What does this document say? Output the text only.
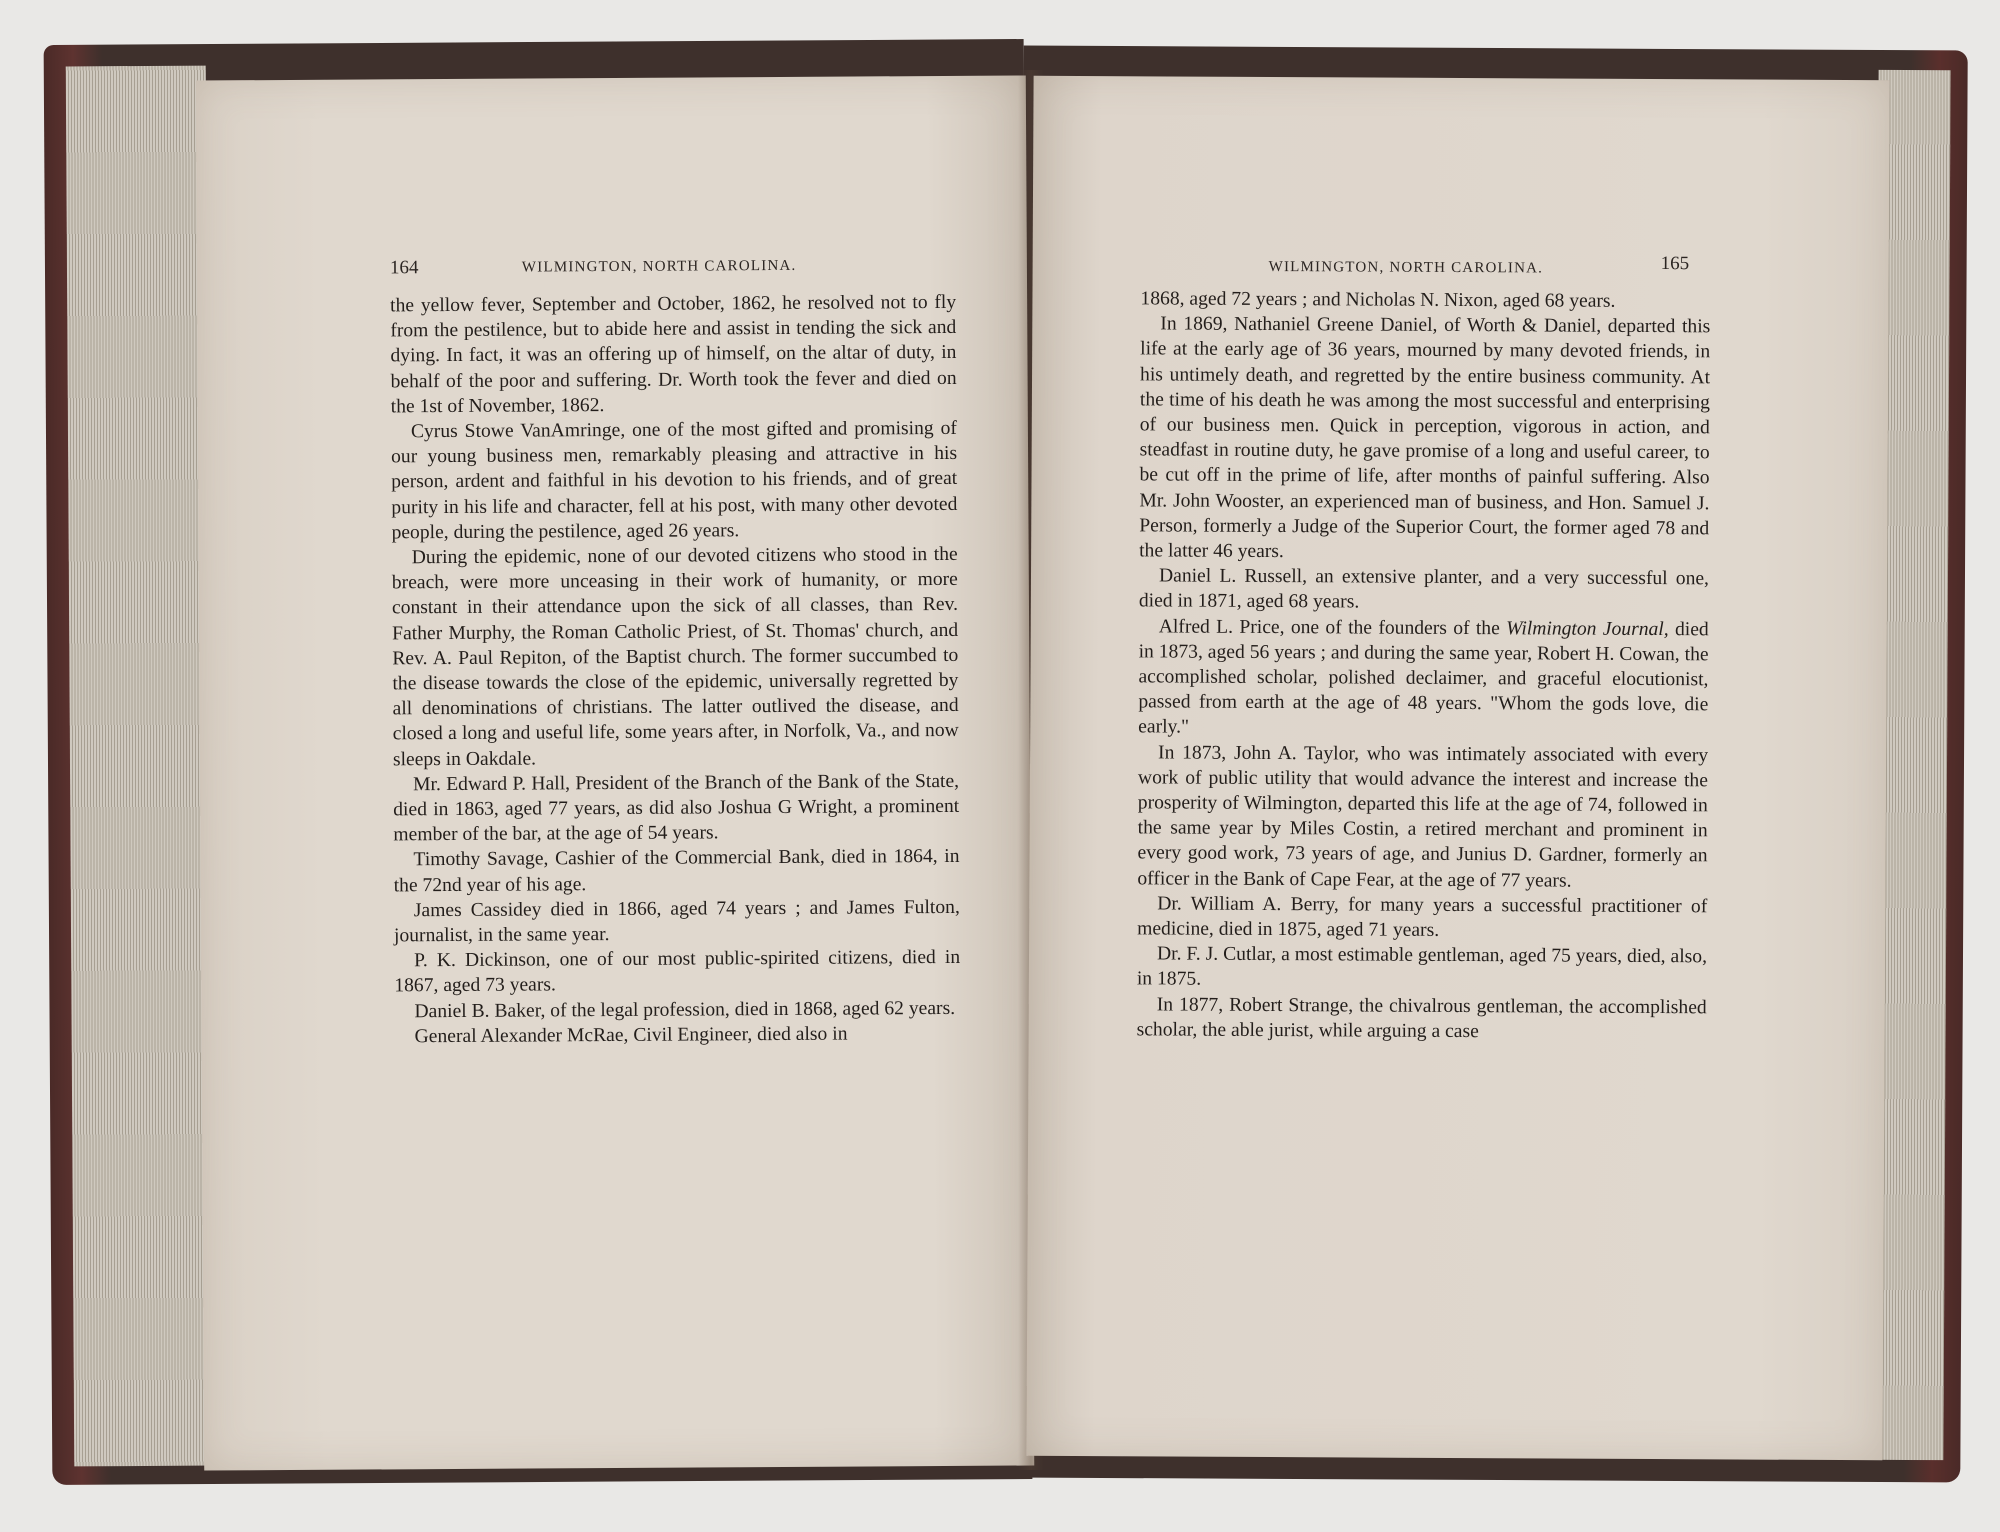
164	WILMINGTON, NORTH CAROLINA.

the yellow fever, September and October, 1862, he resolved not to fly from the pestilence, but to abide here and assist in tending the sick and dying. In fact, it was an offering up of himself, on the altar of duty, in behalf of the poor and suffering. Dr. Worth took the fever and died on the 1st of November, 1862.

Cyrus Stowe VanAmringe, one of the most gifted and promising of our young business men, remarkably pleasing and attractive in his person, ardent and faithful in his devotion to his friends, and of great purity in his life and character, fell at his post, with many other devoted people, during the pestilence, aged 26 years.

During the epidemic, none of our devoted citizens who stood in the breach, were more unceasing in their work of humanity, or more constant in their attendance upon the sick of all classes, than Rev. Father Murphy, the Roman Catholic Priest, of St. Thomas' church, and Rev. A. Paul Repiton, of the Baptist church. The former succumbed to the disease towards the close of the epidemic, universally regretted by all denominations of christians. The latter outlived the disease, and closed a long and useful life, some years after, in Norfolk, Va., and now sleeps in Oakdale.

Mr. Edward P. Hall, President of the Branch of the Bank of the State, died in 1863, aged 77 years, as did also Joshua G Wright, a prominent member of the bar, at the age of 54 years.

Timothy Savage, Cashier of the Commercial Bank, died in 1864, in the 72nd year of his age.

James Cassidey died in 1866, aged 74 years ; and James Fulton, journalist, in the same year.

P. K. Dickinson, one of our most public-spirited citizens, died in 1867, aged 73 years.

Daniel B. Baker, of the legal profession, died in 1868, aged 62 years.

General Alexander McRae, Civil Engineer, died also in

WILMINGTON, NORTH CAROLINA.	165

1868, aged 72 years ; and Nicholas N. Nixon, aged 68 years.

In 1869, Nathaniel Greene Daniel, of Worth & Daniel, departed this life at the early age of 36 years, mourned by many devoted friends, in his untimely death, and regretted by the entire business community. At the time of his death he was among the most successful and enterprising of our business men. Quick in perception, vigorous in action, and steadfast in routine duty, he gave promise of a long and useful career, to be cut off in the prime of life, after months of painful suffering. Also Mr. John Wooster, an experienced man of business, and Hon. Samuel J. Person, formerly a Judge of the Superior Court, the former aged 78 and the latter 46 years.

Daniel L. Russell, an extensive planter, and a very successful one, died in 1871, aged 68 years.

Alfred L. Price, one of the founders of the Wilmington Journal, died in 1873, aged 56 years ; and during the same year, Robert H. Cowan, the accomplished scholar, polished declaimer, and graceful elocutionist, passed from earth at the age of 48 years. "Whom the gods love, die early."

In 1873, John A. Taylor, who was intimately associated with every work of public utility that would advance the interest and increase the prosperity of Wilmington, departed this life at the age of 74, followed in the same year by Miles Costin, a retired merchant and prominent in every good work, 73 years of age, and Junius D. Gardner, formerly an officer in the Bank of Cape Fear, at the age of 77 years.

Dr. William A. Berry, for many years a successful practitioner of medicine, died in 1875, aged 71 years.

Dr. F. J. Cutlar, a most estimable gentleman, aged 75 years, died, also, in 1875.

In 1877, Robert Strange, the chivalrous gentleman, the accomplished scholar, the able jurist, while arguing a case
